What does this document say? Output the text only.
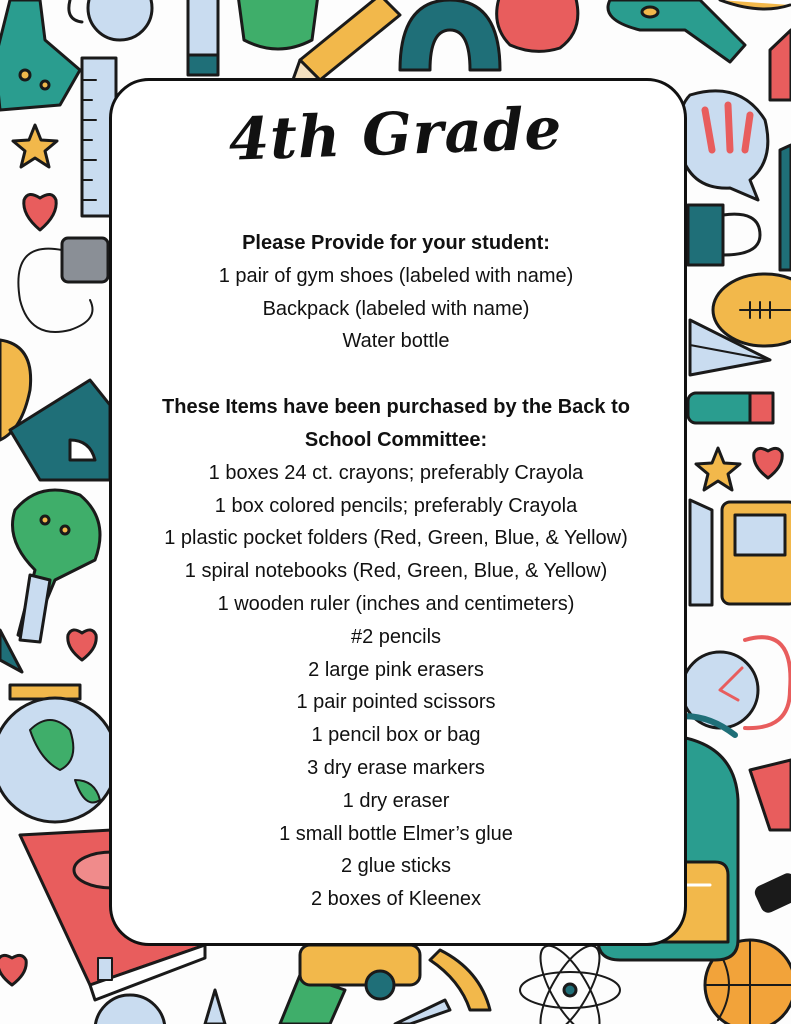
4th Grade
Please Provide for your student:
1 pair of gym shoes (labeled with name)
Backpack (labeled with name)
Water bottle
These Items have been purchased by the Back to
School Committee:
1 boxes 24 ct. crayons; preferably Crayola
1 box colored pencils; preferably Crayola
1 plastic pocket folders (Red, Green, Blue, & Yellow)
1 spiral notebooks (Red, Green, Blue, & Yellow)
1 wooden ruler (inches and centimeters)
#2 pencils
2 large pink erasers
1 pair pointed scissors
1 pencil box or bag
3 dry erase markers
1 dry eraser
1 small bottle Elmer’s glue
2 glue sticks
2 boxes of Kleenex
